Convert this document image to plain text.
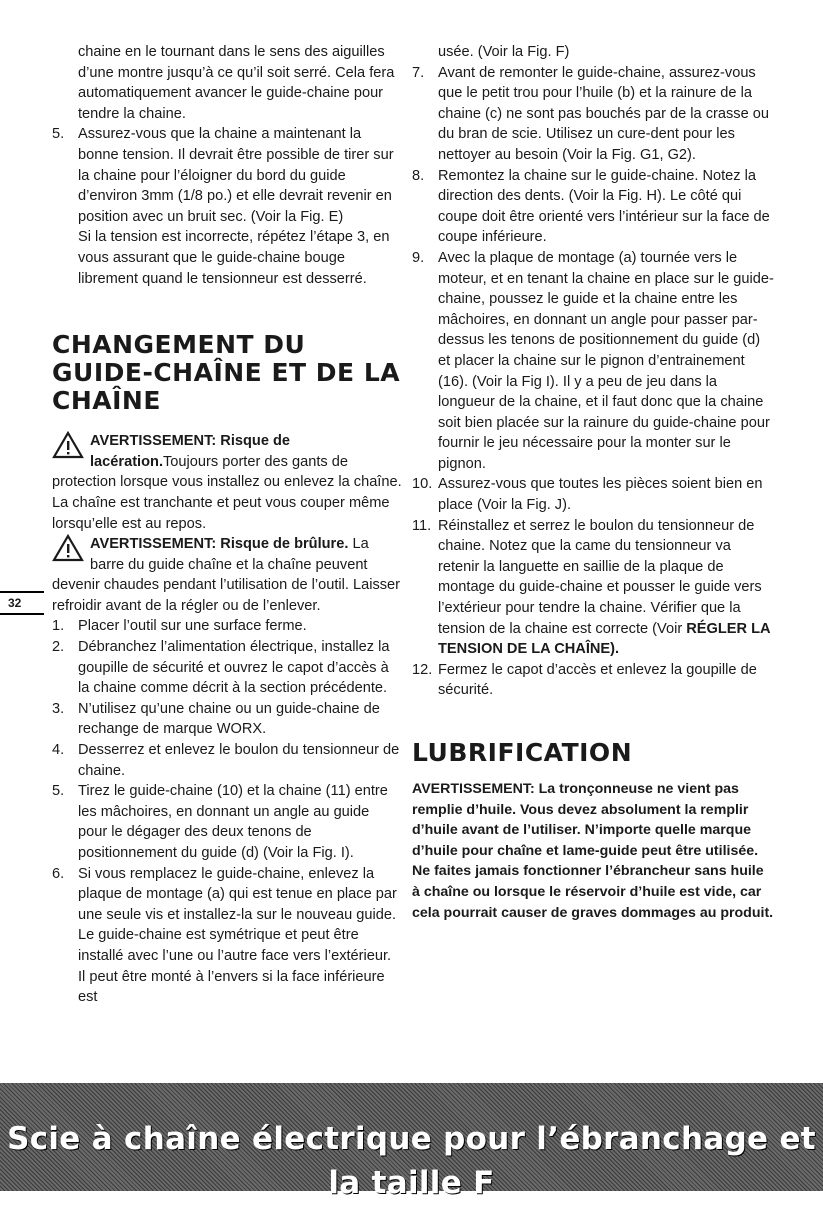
32

chaine en le tournant dans le sens des aiguilles d’une montre jusqu’à ce qu’il soit serré. Cela fera automatiquement avancer le guide-chaine pour tendre la chaine.

5. Assurez-vous que la chaine a maintenant la bonne tension. Il devrait être possible de tirer sur la chaine pour l’éloigner du bord du guide d’environ 3mm (1/8 po.) et elle devrait revenir en position avec un bruit sec. (Voir la Fig. E)

Si la tension est incorrecte, répétez l’étape 3, en vous assurant que le guide-chaine bouge librement quand le tensionneur est desserré.

CHANGEMENT DU GUIDE-CHAÎNE ET DE LA CHAÎNE
AVERTISSEMENT: Risque de lacération.Toujours porter des gants de protection lorsque vous installez ou enlevez la chaîne. La chaîne est tranchante et peut vous couper même lorsqu’elle est au repos.
AVERTISSEMENT: Risque de brûlure. La barre du guide chaîne et la chaîne peuvent devenir chaudes pendant l’utilisation de l’outil. Laisser refroidir avant de la régler ou de l’enlever.
1. Placer l’outil sur une surface ferme.
2. Débranchez l’alimentation électrique, installez la goupille de sécurité et ouvrez le capot d’accès à la chaine comme décrit à la section précédente.
3. N’utilisez qu’une chaine ou un guide-chaine de rechange de marque WORX.
4. Desserrez et enlevez le boulon du tensionneur de chaine.
5. Tirez le guide-chaine (10) et la chaine (11) entre les mâchoires, en donnant un angle au guide pour le dégager des deux tenons de positionnement du guide (d) (Voir la Fig. I).
6. Si vous remplacez le guide-chaine, enlevez la plaque de montage (a) qui est tenue en place par une seule vis et installez-la sur le nouveau guide. Le guide-chaine est symétrique et peut être installé avec l’une ou l’autre face vers l’extérieur. Il peut être monté à l’envers si la face inférieure est

usée. (Voir la Fig. F)

7. Avant de remonter le guide-chaine, assurez-vous que le petit trou pour l’huile (b) et la rainure de la chaine (c) ne sont pas bouchés par de la crasse ou du bran de scie. Utilisez un cure-dent pour les nettoyer au besoin (Voir la Fig. G1, G2).
8. Remontez la chaine sur le guide-chaine. Notez la direction des dents. (Voir la Fig. H). Le côté qui coupe doit être orienté vers l’intérieur sur la face de coupe inférieure.
9. Avec la plaque de montage (a) tournée vers le moteur, et en tenant la chaine en place sur le guide-chaine, poussez le guide et la chaine entre les mâchoires, en donnant un angle pour passer par-dessus les tenons de positionnement du guide (d) et placer la chaine sur le pignon d’entrainement (16). (Voir la Fig I). Il y a peu de jeu dans la longueur de la chaine, et il faut donc que la chaine soit bien placée sur la rainure du guide-chaine pour fournir le jeu nécessaire pour la monter sur le pignon.
10. Assurez-vous que toutes les pièces soient bien en place (Voir la Fig. J).
11. Réinstallez et serrez le boulon du tensionneur de chaine. Notez que la came du tensionneur va retenir la languette en saillie de la plaque de montage du guide-chaine et pousser le guide vers l’extérieur pour tendre la chaine. Vérifier que la tension de la chaine est correcte (Voir RÉGLER LA TENSION DE LA CHAÎNE).
12. Fermez le capot d’accès et enlevez la goupille de sécurité.
LUBRIFICATION

AVERTISSEMENT: La tronçonneuse ne vient pas remplie d’huile. Vous devez absolument la remplir d’huile avant de l’utiliser. N’importe quelle marque d’huile pour chaîne et lame-guide peut être utilisée.

Ne faites jamais fonctionner l’ébrancheur sans huile à chaîne ou lorsque le réservoir d’huile est vide, car cela pourrait causer de graves dommages au produit.

Scie à chaîne électrique pour l’ébranchage et la taille F
